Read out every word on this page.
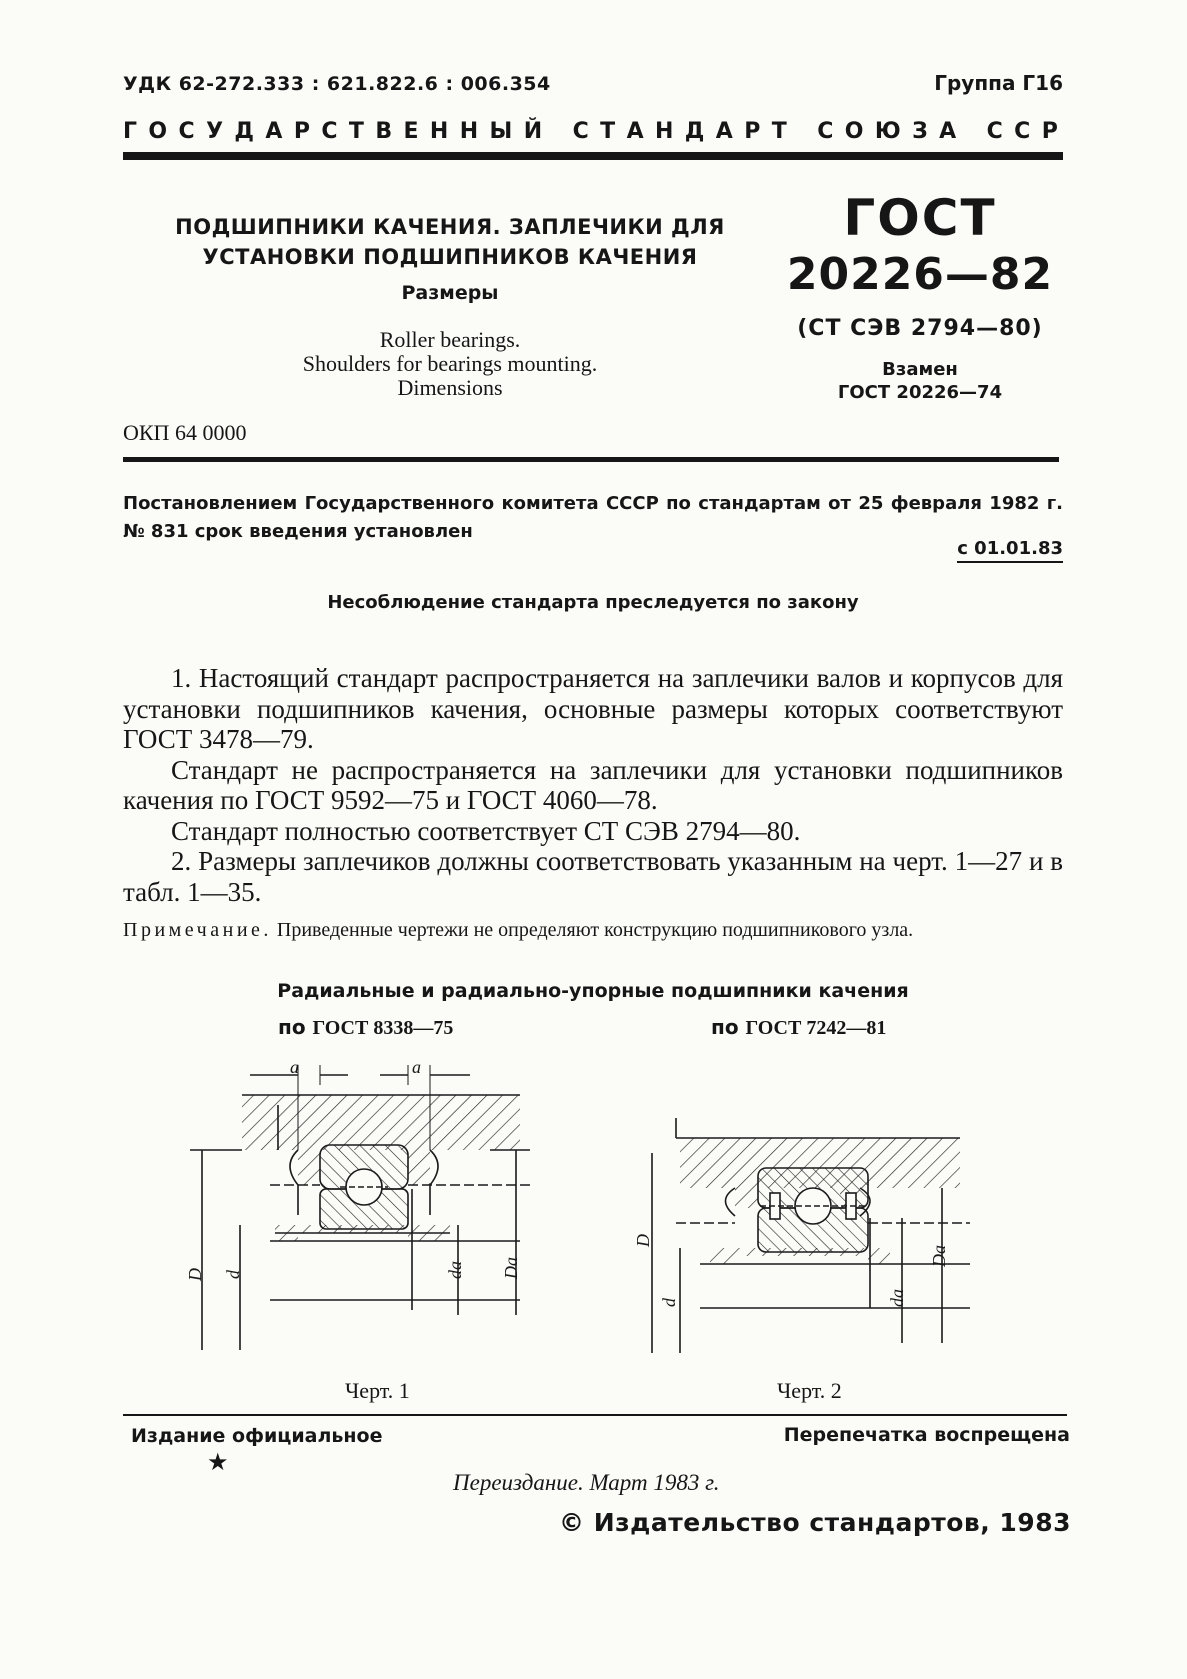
УДК 62-272.333 : 621.822.6 : 006.354	Группа Г16
ГОСУДАРСТВЕННЫЙ СТАНДАРТ СОЮЗА ССР
ПОДШИПНИКИ КАЧЕНИЯ. ЗАПЛЕЧИКИ ДЛЯ
УСТАНОВКИ ПОДШИПНИКОВ КАЧЕНИЯ
Размеры
Roller bearings.
Shoulders for bearings mounting.
Dimensions
ГОСТ
20226—82
(СТ СЭВ 2794—80)
Взамен
ГОСТ 20226—74
ОКП 64 0000
Постановлением Государственного комитета СССР по стандартам от 25 февраля 1982 г. № 831 срок введения установлен
с 01.01.83
Несоблюдение стандарта преследуется по закону

1. Настоящий стандарт распространяется на заплечики валов и корпусов для установки подшипников качения, основные размеры которых соответствуют ГОСТ 3478—79.

Стандарт не распространяется на заплечики для установки подшипников качения по ГОСТ 9592—75 и ГОСТ 4060—78.

Стандарт полностью соответствует СТ СЭВ 2794—80.

2. Размеры заплечиков должны соответствовать указанным на черт. 1—27 и в табл. 1—35.

Примечание. Приведенные чертежи не определяют конструкцию подшипникового узла.
Радиальные и радиально-упорные подшипники качения
по ГОСТ 8338—75	по ГОСТ 7242—81
a	a
D d	da Da
D
d	da
Da
Черт. 1	Черт. 2
Издание официальное
★
Перепечатка воспрещена
Переиздание. Март 1983 г.
© Издательство стандартов, 1983
